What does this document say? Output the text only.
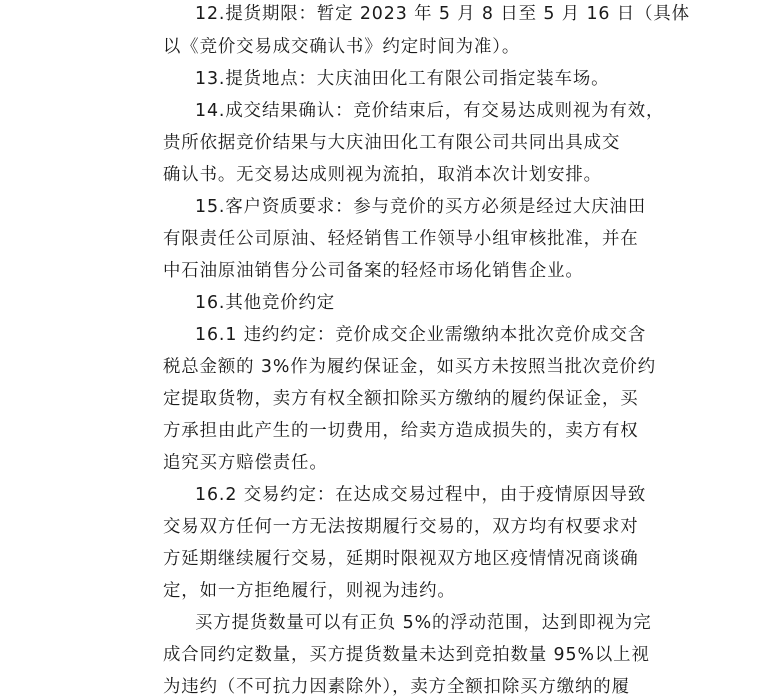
12.提货期限：暂定 2023 年 5 月 8 日至 5 月 16 日（具体
以《竞价交易成交确认书》约定时间为准）。
13.提货地点：大庆油田化工有限公司指定装车场。
14.成交结果确认：竞价结束后，有交易达成则视为有效，
贵所依据竞价结果与大庆油田化工有限公司共同出具成交
确认书。无交易达成则视为流拍，取消本次计划安排。
15.客户资质要求：参与竞价的买方必须是经过大庆油田
有限责任公司原油、轻烃销售工作领导小组审核批准，并在
中石油原油销售分公司备案的轻烃市场化销售企业。
16.其他竞价约定
16.1 违约约定：竞价成交企业需缴纳本批次竞价成交含
税总金额的 3%作为履约保证金，如买方未按照当批次竞价约
定提取货物，卖方有权全额扣除买方缴纳的履约保证金，买
方承担由此产生的一切费用，给卖方造成损失的，卖方有权
追究买方赔偿责任。
16.2 交易约定：在达成交易过程中，由于疫情原因导致
交易双方任何一方无法按期履行交易的，双方均有权要求对
方延期继续履行交易，延期时限视双方地区疫情情况商谈确
定，如一方拒绝履行，则视为违约。
买方提货数量可以有正负 5%的浮动范围，达到即视为完
成合同约定数量，买方提货数量未达到竞拍数量 95%以上视
为违约（不可抗力因素除外），卖方全额扣除买方缴纳的履
